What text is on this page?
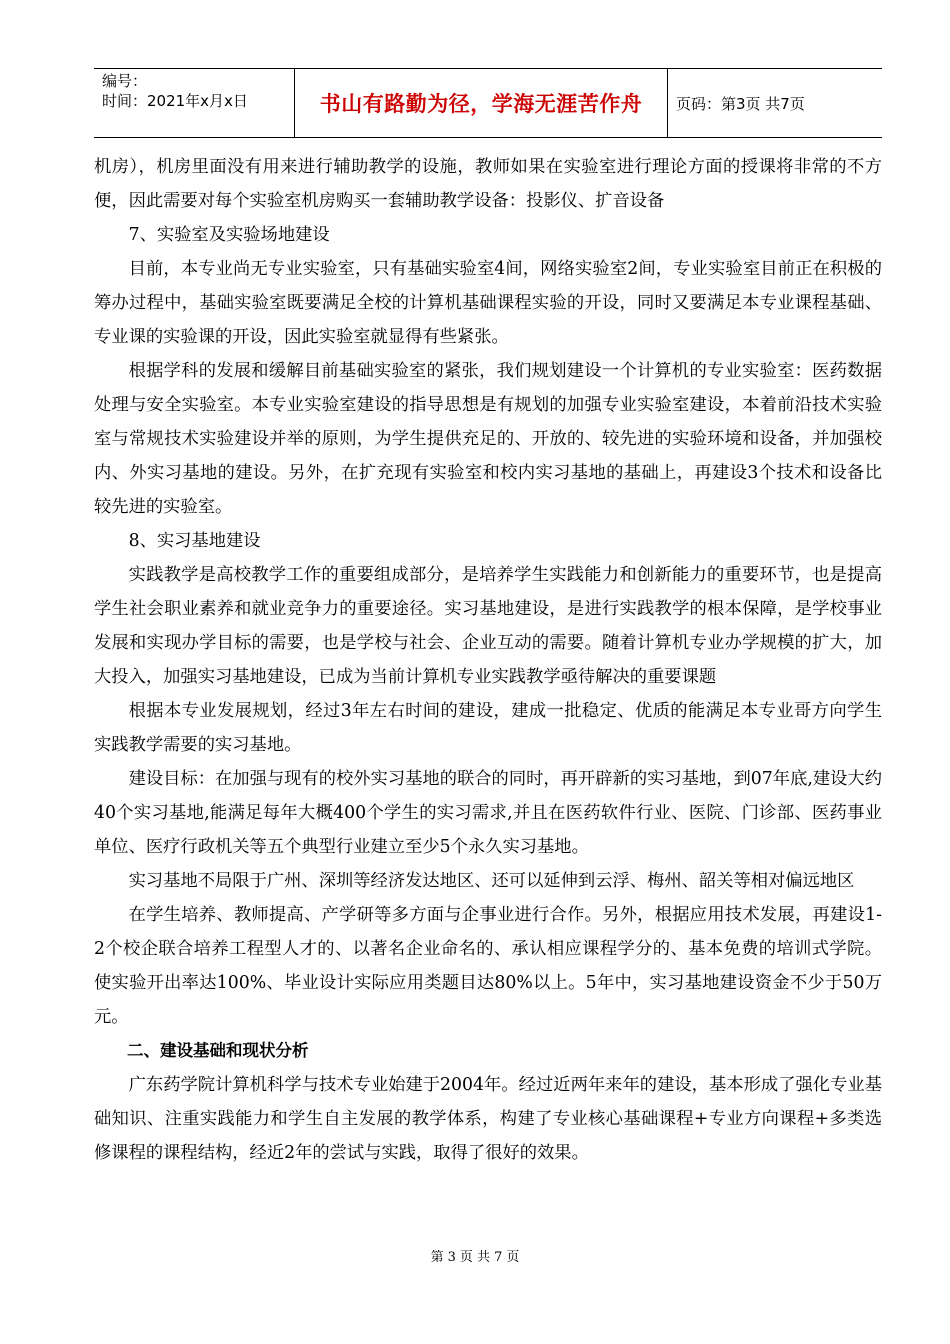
编号：
时间：2021年x月x日	书山有路勤为径，学海无涯苦作舟	页码：第3页 共7页

机房），机房里面没有用来进行辅助教学的设施，教师如果在实验室进行理论方面的授课将非常的不方便，因此需要对每个实验室机房购买一套辅助教学设备：投影仪、扩音设备

7、实验室及实验场地建设

目前，本专业尚无专业实验室，只有基础实验室4间，网络实验室2间，专业实验室目前正在积极的筹办过程中，基础实验室既要满足全校的计算机基础课程实验的开设，同时又要满足本专业课程基础、专业课的实验课的开设，因此实验室就显得有些紧张。

根据学科的发展和缓解目前基础实验室的紧张，我们规划建设一个计算机的专业实验室：医药数据处理与安全实验室。本专业实验室建设的指导思想是有规划的加强专业实验室建设，本着前沿技术实验室与常规技术实验建设并举的原则，为学生提供充足的、开放的、较先进的实验环境和设备，并加强校内、外实习基地的建设。另外，在扩充现有实验室和校内实习基地的基础上，再建设3个技术和设备比较先进的实验室。

8、实习基地建设

实践教学是高校教学工作的重要组成部分，是培养学生实践能力和创新能力的重要环节，也是提高学生社会职业素养和就业竞争力的重要途径。实习基地建设，是进行实践教学的根本保障，是学校事业发展和实现办学目标的需要，也是学校与社会、企业互动的需要。随着计算机专业办学规模的扩大，加大投入，加强实习基地建设，已成为当前计算机专业实践教学亟待解决的重要课题

根据本专业发展规划，经过3年左右时间的建设，建成一批稳定、优质的能满足本专业哥方向学生实践教学需要的实习基地。

建设目标：在加强与现有的校外实习基地的联合的同时，再开辟新的实习基地，到07年底,建设大约40个实习基地,能满足每年大概400个学生的实习需求,并且在医药软件行业、医院、门诊部、医药事业单位、医疗行政机关等五个典型行业建立至少5个永久实习基地。

实习基地不局限于广州、深圳等经济发达地区、还可以延伸到云浮、梅州、韶关等相对偏远地区

在学生培养、教师提高、产学研等多方面与企事业进行合作。另外，根据应用技术发展，再建设1-2个校企联合培养工程型人才的、以著名企业命名的、承认相应课程学分的、基本免费的培训式学院。使实验开出率达100%、毕业设计实际应用类题目达80%以上。5年中，实习基地建设资金不少于50万元。

二、建设基础和现状分析

广东药学院计算机科学与技术专业始建于2004年。经过近两年来年的建设，基本形成了强化专业基础知识、注重实践能力和学生自主发展的教学体系，构建了专业核心基础课程+专业方向课程+多类选修课程的课程结构，经近2年的尝试与实践，取得了很好的效果。

第 3 页 共 7 页
